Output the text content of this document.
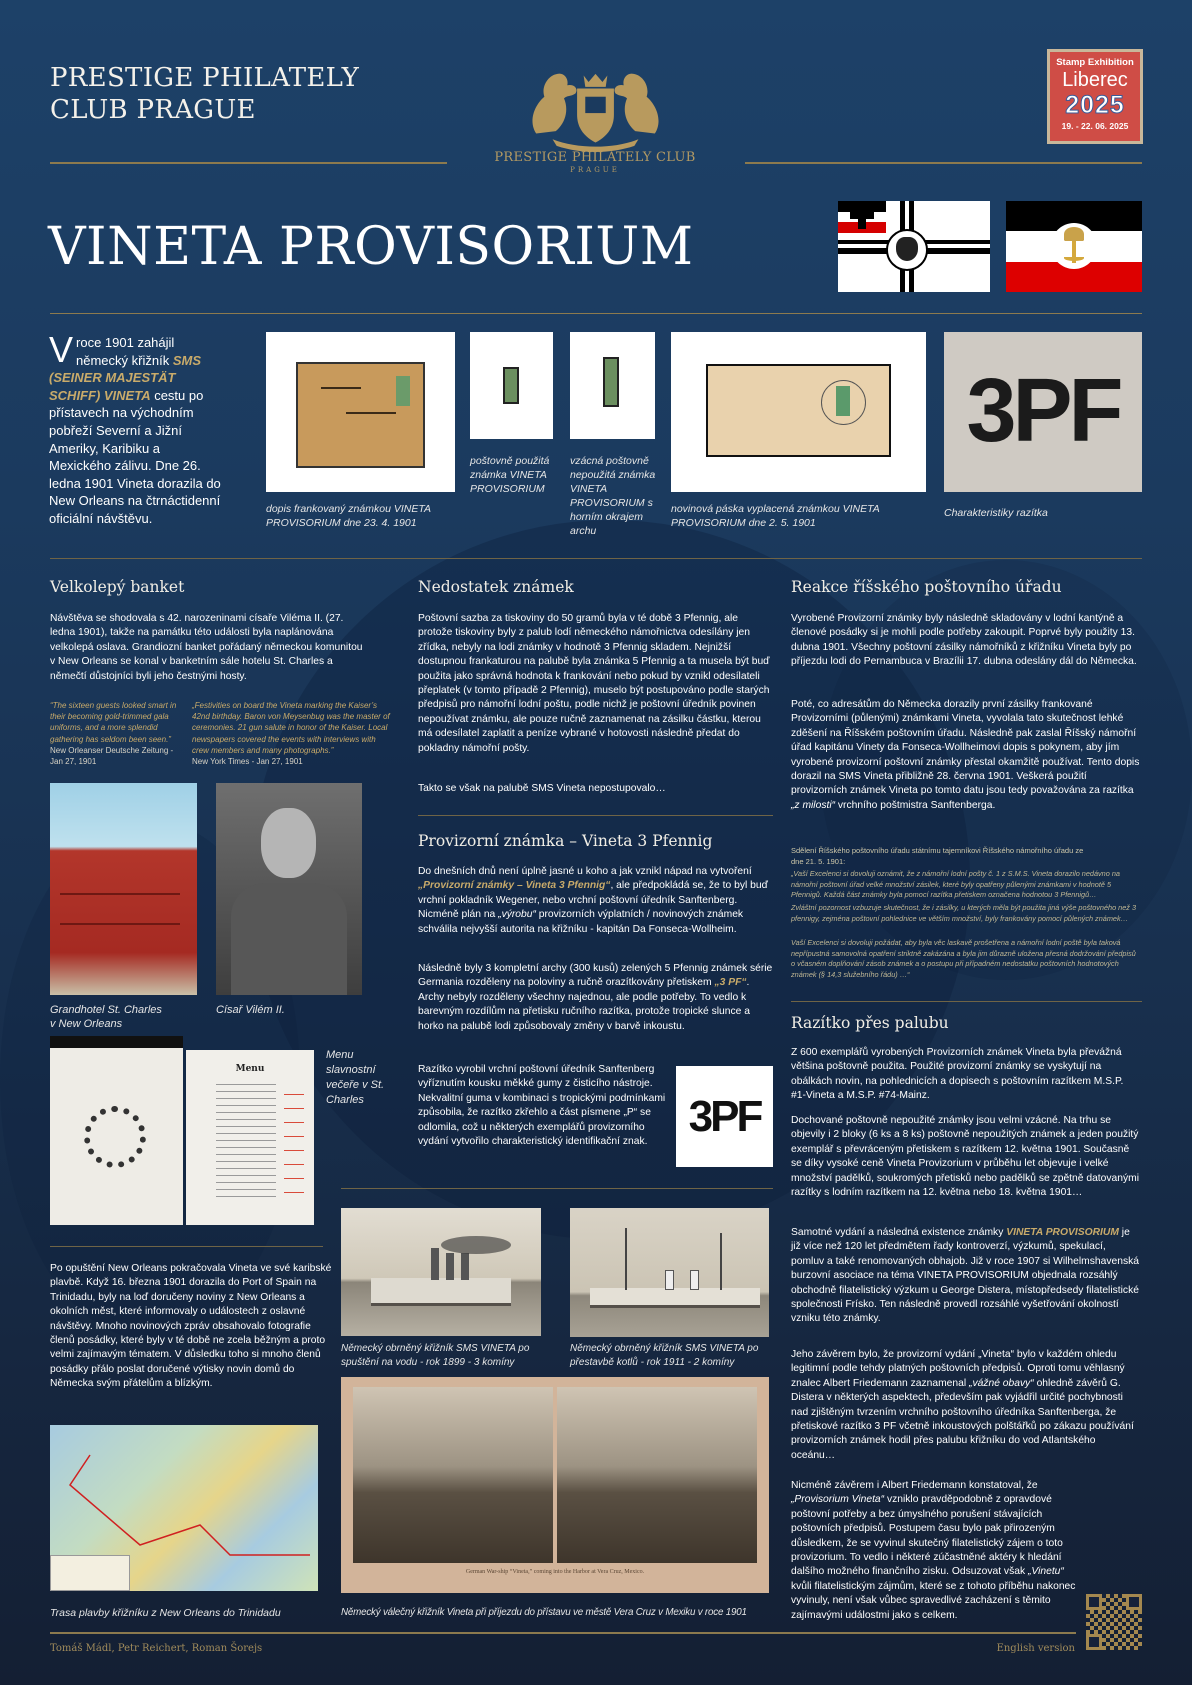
PRESTIGE PHILATELY
CLUB PRAGUE
PRESTIGE PHILATELY CLUB
PRAGUE
Stamp Exhibition
Liberec
2025
19. - 22. 06. 2025
VINETA PROVISORIUM
V roce 1901 zahájil německý křižník SMS (SEINER MAJESTÄT SCHIFF) VINETA cestu po přístavech na východním pobřeží Severní a Jižní Ameriky, Karibiku a Mexického zálivu. Dne 26. ledna 1901 Vineta dorazila do New Orleans na čtrnáctidenní oficiální návštěvu.
dopis frankovaný známkou VINETA PROVISORIUM dne 23. 4. 1901
poštovně použitá známka VINETA PROVISORIUM
vzácná poštovně nepoužitá známka VINETA PROVISORIUM s horním okrajem archu
novinová páska vyplacená známkou VINETA PROVISORIUM dne 2. 5. 1901
3PF
Charakteristiky razítka
Velkolepý banket
Návštěva se shodovala s 42. narozeninami císaře Viléma II. (27. ledna 1901), takže na památku této události byla naplánována velkolepá oslava. Grandiozní banket pořádaný německou komunitou v New Orleans se konal v banketním sále hotelu St. Charles a němečtí důstojníci byli jeho čestnými hosty.
“The sixteen guests looked smart in their becoming gold-trimmed gala uniforms, and a more splendid gathering has seldom been seen.”
New Orleanser Deutsche Zeitung - Jan 27, 1901
„Festivities on board the Vineta marking the Kaiser’s 42nd birthday. Baron von Meysenbug was the master of ceremonies. 21 gun salute in honor of the Kaiser. Local newspapers covered the events with interviews with crew members and many photographs.”
New York Times - Jan 27, 1901
Grandhotel St. Charles v New Orleans
Císař Vilém II.
Menu
Menu slavnostní večeře v St. Charles
Po opuštění New Orleans pokračovala Vineta ve své karibské plavbě. Když 16. března 1901 dorazila do Port of Spain na Trinidadu, byly na loď doručeny noviny z New Orleans a okolních měst, které informovaly o událostech z oslavné návštěvy. Mnoho novinových zpráv obsahovalo fotografie členů posádky, které byly v té době ne zcela běžným a proto velmi zajímavým tématem. V důsledku toho si mnoho členů posádky přálo poslat doručené výtisky novin domů do Německa svým přátelům a blízkým.
Trasa plavby křižníku z New Orleans do Trinidadu
Nedostatek známek
Poštovní sazba za tiskoviny do 50 gramů byla v té době 3 Pfennig, ale protože tiskoviny byly z palub lodí německého námořnictva odesílány jen zřídka, nebyly na lodi známky v hodnotě 3 Pfennig skladem. Nejnižší dostupnou frankaturou na palubě byla známka 5 Pfennig a ta musela být buď použita jako správná hodnota k frankování nebo pokud by vznikl odesílateli přeplatek (v tomto případě 2 Pfennig), muselo být postupováno podle starých předpisů pro námořní lodní poštu, podle nichž je poštovní úředník povinen nepoužívat známku, ale pouze ručně zaznamenat na zásilku částku, kterou má odesílatel zaplatit a peníze vybrané v hotovosti následně předat do pokladny námořní pošty.
Takto se však na palubě SMS Vineta nepostupovalo…
Provizorní známka – Vineta 3 Pfennig
Do dnešních dnů není úplně jasné u koho a jak vznikl nápad na vytvoření „Provizorní známky – Vineta 3 Pfennig“, ale předpokládá se, že to byl buď vrchní pokladník Wegener, nebo vrchní poštovní úředník Sanftenberg. Nicméně plán na „výrobu“ provizorních výplatních / novinových známek schválila nejvyšší autorita na křižníku - kapitán Da Fonseca-Wollheim.
Následně byly 3 kompletní archy (300 kusů) zelených 5 Pfennig známek série Germania rozděleny na poloviny a ručně orazítkovány přetiskem „3 PF“. Archy nebyly rozděleny všechny najednou, ale podle potřeby. To vedlo k barevným rozdílům na přetisku ručního razítka, protože tropické slunce a horko na palubě lodi způsobovaly změny v barvě inkoustu.
Razítko vyrobil vrchní poštovní úředník Sanftenberg vyříznutím kousku měkké gumy z čisticího nástroje. Nekvalitní guma v kombinaci s tropickými podmínkami způsobila, že razítko zkřehlo a část písmene „P“ se odlomila, což u některých exemplářů provizorního vydání vytvořilo charakteristický identifikační znak.
3PF
Německý obrněný křižník SMS VINETA po spuštění na vodu - rok 1899 - 3 komíny
Německý obrněný křižník SMS VINETA po přestavbě kotlů - rok 1911 - 2 komíny
German War-ship “Vineta,” coming into the Harbor at Vera Cruz, Mexico.
Německý válečný křižník Vineta při příjezdu do přístavu ve městě Vera Cruz v Mexiku v roce 1901
Reakce říšského poštovního úřadu
Vyrobené Provizorní známky byly následně skladovány v lodní kantýně a členové posádky si je mohli podle potřeby zakoupit. Poprvé byly použity 13. dubna 1901. Všechny poštovní zásilky námořníků z křižníku Vineta byly po příjezdu lodi do Pernambuca v Brazílii 17. dubna odeslány dál do Německa.
Poté, co adresátům do Německa dorazily první zásilky frankované Provizorními (půlenými) známkami Vineta, vyvolala tato skutečnost lehké zděšení na Říšském poštovním úřadu. Následně pak zaslal Říšský námořní úřad kapitánu Vinety da Fonseca-Wollheimovi dopis s pokynem, aby jím vyrobené provizorní poštovní známky přestal okamžitě používat. Tento dopis dorazil na SMS Vineta přibližně 28. června 1901. Veškerá použití provizorních známek Vineta po tomto datu jsou tedy považována za razítka „z milosti“ vrchního poštmistra Sanftenberga.
Sdělení Říšského poštovního úřadu státnímu tajemníkovi Říšského námořního úřadu ze dne 21. 5. 1901:
„Vaší Excelenci si dovoluji oznámit, že z námořní lodní pošty č. 1 z S.M.S. Vineta dorazilo nedávno na námořní poštovní úřad velké množství zásilek, které byly opatřeny půlenými známkami v hodnotě 5 Pfennigů. Každá část známky byla pomocí razítka přetiskem označena hodnotou 3 Pfennigů…
Zvláštní pozornost vzbuzuje skutečnost, že i zásilky, u kterých měla být použita jiná výše poštovného než 3 pfennigy, zejména poštovní pohlednice ve větším množství, byly frankovány pomocí půlených známek…
Vaší Excelenci si dovoluji požádat, aby byla věc laskavě prošetřena a námořní lodní poště byla taková nepřípustná samovolná opatření striktně zakázána a byla jim důrazně uložena přesná dodržování předpisů o včasném doplňování zásob známek a o postupu při případném nedostatku poštovních hodnotových známek (§ 14,3 služebního řádu) …“
Razítko přes palubu
Z 600 exemplářů vyrobených Provizorních známek Vineta byla převážná většina poštovně použita. Použité provizorní známky se vyskytují na obálkách novin, na pohlednicích a dopisech s poštovním razítkem M.S.P. #1-Vineta a M.S.P. #74-Mainz.
Dochované poštovně nepoužité známky jsou velmi vzácné. Na trhu se objevily i 2 bloky (6 ks a 8 ks) poštovně nepoužitých známek a jeden použitý exemplář s převráceným přetiskem s razítkem 12. května 1901. Současně se díky vysoké ceně Vineta Provizorium v průběhu let objevuje i velké množství padělků, soukromých přetisků nebo padělků se zpětně datovanými razítky s lodním razítkem na 12. května nebo 18. května 1901…
Samotné vydání a následná existence známky VINETA PROVISORIUM je již více než 120 let předmětem řady kontroverzí, výzkumů, spekulací, pomluv a také renomovaných obhajob. Již v roce 1907 si Wilhelmshavenská burzovní asociace na téma VINETA PROVISORIUM objednala rozsáhlý obchodně filatelistický výzkum u George Distera, místopředsedy filatelistické společnosti Frísko. Ten následně provedl rozsáhlé vyšetřování okolností vzniku této známky.
Jeho závěrem bylo, že provizorní vydání „Vineta“ bylo v každém ohledu legitimní podle tehdy platných poštovních předpisů. Oproti tomu věhlasný znalec Albert Friedemann zaznamenal „vážné obavy“ ohledně závěrů G. Distera v některých aspektech, především pak vyjádřil určité pochybnosti nad zjištěným tvrzením vrchního poštovního úředníka Sanftenberga, že přetiskové razítko 3 PF včetně inkoustových polštářků po zákazu používání provizorních známek hodil přes palubu křižníku do vod Atlantského oceánu…
Nicméně závěrem i Albert Friedemann konstatoval, že „Provisorium Vineta“ vzniklo pravděpodobně z opravdové poštovní potřeby a bez úmyslného porušení stávajících poštovních předpisů. Postupem času bylo pak přirozeným důsledkem, že se vyvinul skutečný filatelistický zájem o toto provizorium. To vedlo i některé zúčastněné aktéry k hledání dalšího možného finančního zisku. Odsuzovat však „Vinetu“ kvůli filatelistickým zájmům, které se z tohoto příběhu nakonec vyvinuly, není však vůbec spravedlivé zacházení s těmito zajímavými událostmi jako s celkem.
Tomáš Mádl, Petr Reichert, Roman Šorejs	English version
